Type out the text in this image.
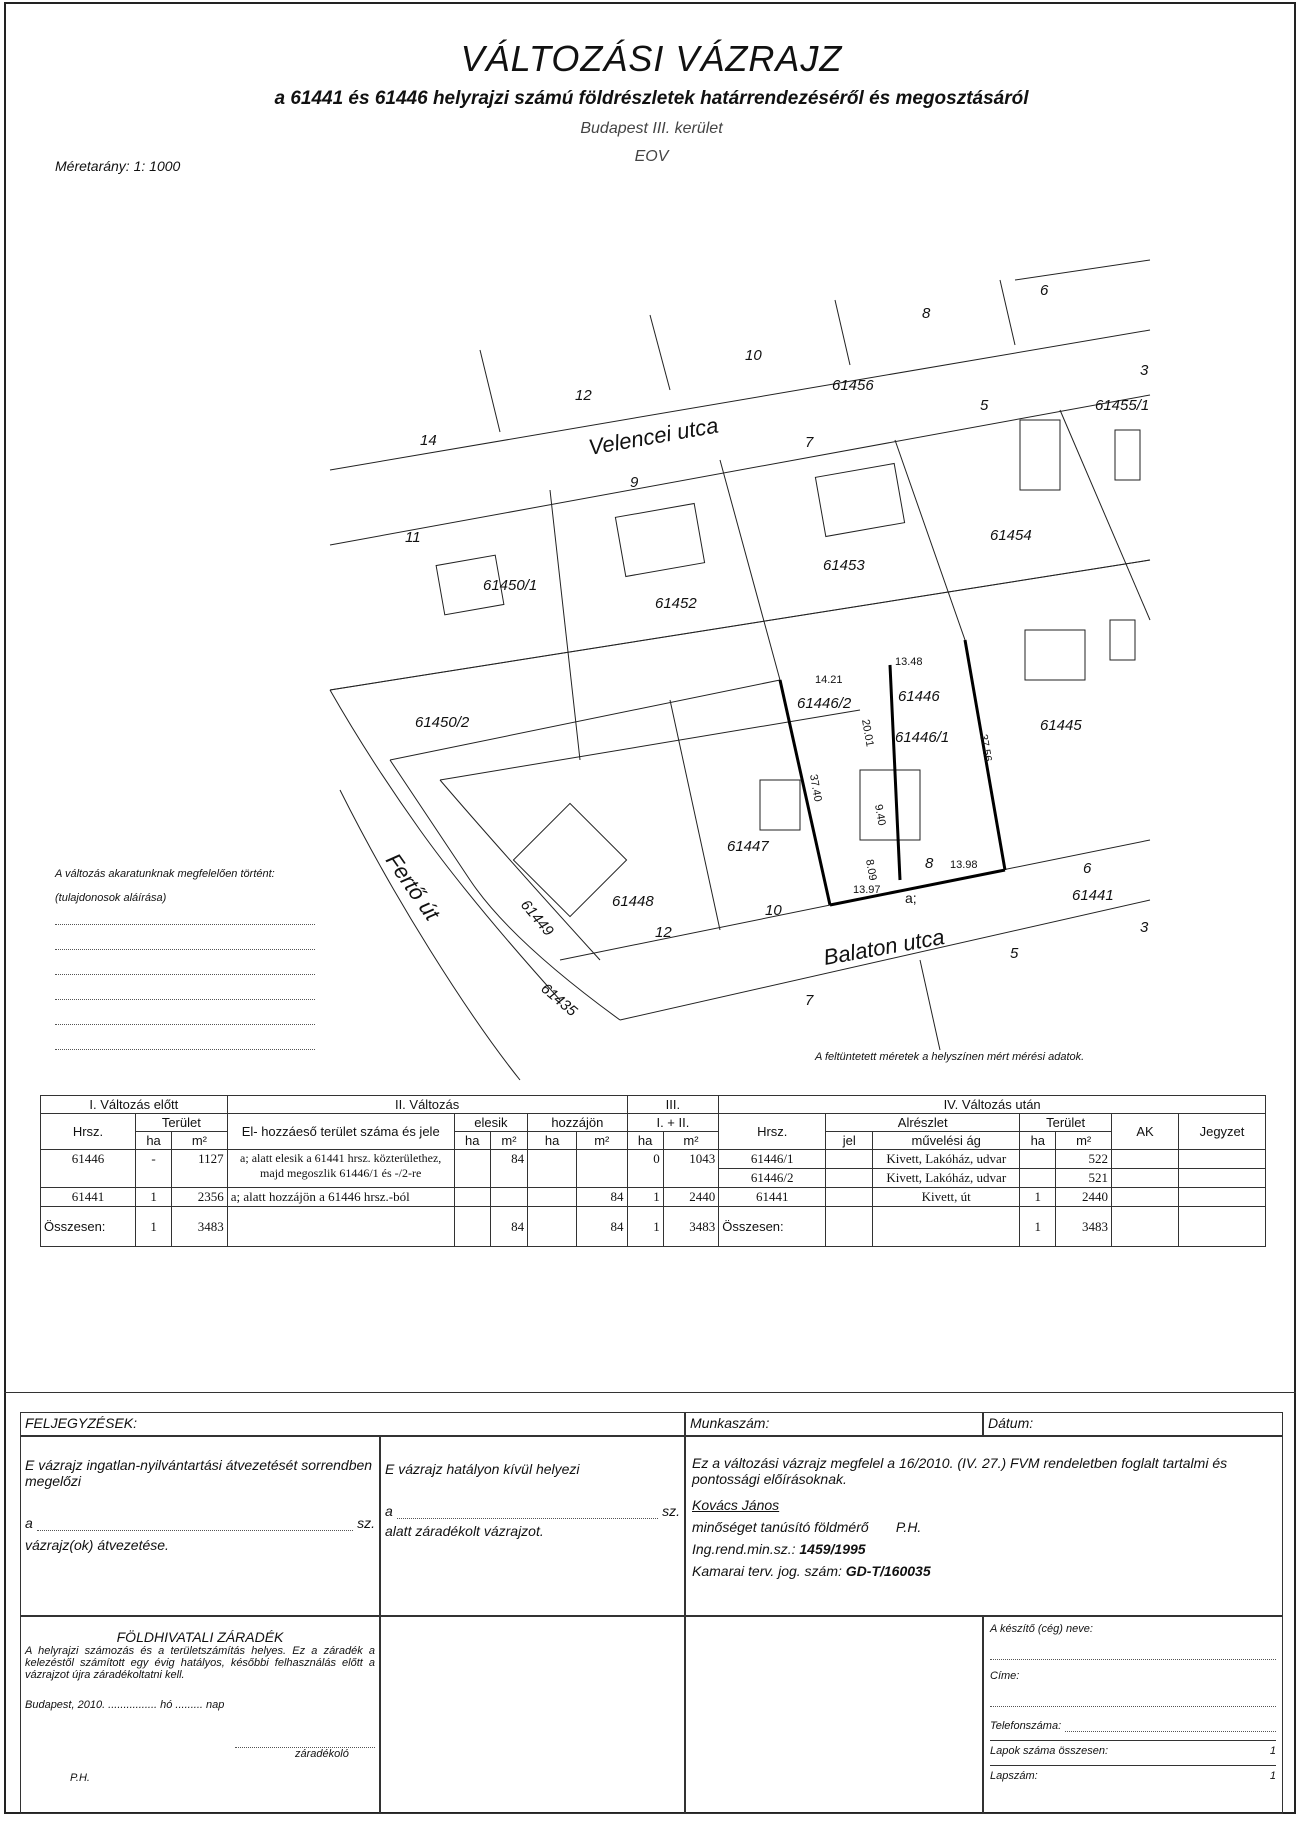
VÁLTOZÁSI VÁZRAJZ
a 61441 és 61446 helyrajzi számú földrészletek határrendezéséről és megosztásáról
Budapest III. kerület
EOV
Méretarány: 1: 1000
14
12
10
8
6
3
5
7
9
11
10
12
8	6
3
5
7
Velencei utca
Balaton utca
Fertő út
61456
61455/1
61454
61453
61452
61450/1
61450/2
61446/2	61446
61446/1
61445
61447
61448
61449
61435
61441
14.21
13.48
20.01
37.56
37.40
9.40
8.09
13.97
13.98
a;
A feltüntetett méretek a helyszínen mért mérési adatok.
A változás akaratunknak megfelelően történt:
(tulajdonosok aláírása)
I. Változás előtt			II. Változás					III.		IV. Változás után						
Hrsz.	Terület		El- hozzáeső terület száma és jele	elesik		hozzájön		I. + II.		Hrsz.	Alrészlet		Terület		AK	Jegyzet
	ha	m²		ha	m²	ha	m²	ha	m²		jel	művelési ág	ha	m²		
61446	-	1127	a; alatt elesik a 61441 hrsz. közterülethez, majd megoszlik 61446/1 és -/2-re		84			0	1043	61446/1		Kivett, Lakóház, udvar		522		
										61446/2		Kivett, Lakóház, udvar		521		
61441	1	2356	a; alatt hozzájön a 61446 hrsz.-ból				84	1	2440	61441		Kivett, út	1	2440		
Összesen:	1	3483			84		84	1	3483	Összesen:			1	3483		
FELJEGYZÉSEK:	Munkaszám:	Dátum:
E vázrajz ingatlan-nyilvántartási átvezetését sorrendben megelőzi
a	sz.
vázrajz(ok) átvezetése.
E vázrajz hatályon kívül helyezi
a	sz.
alatt záradékolt vázrajzot.
Ez a változási vázrajz megfelel a 16/2010. (IV. 27.) FVM rendeletben foglalt tartalmi és pontossági előírásoknak.
Kovács János
minőséget tanúsító földmérő P.H.
Ing.rend.min.sz.: 1459/1995
Kamarai terv. jog. szám: GD-T/160035
FÖLDHIVATALI ZÁRADÉK
A helyrajzi számozás és a területszámítás helyes. Ez a záradék a kelezéstől számított egy évig hatályos, későbbi felhasználás előtt a vázrajzot újra záradékoltatni kell.
Budapest, 2010. ................ hó ......... nap
záradékoló
P.H.
A készítő (cég) neve:
Címe:
Telefonszáma:
Lapok száma összesen:	1
Lapszám:	1
